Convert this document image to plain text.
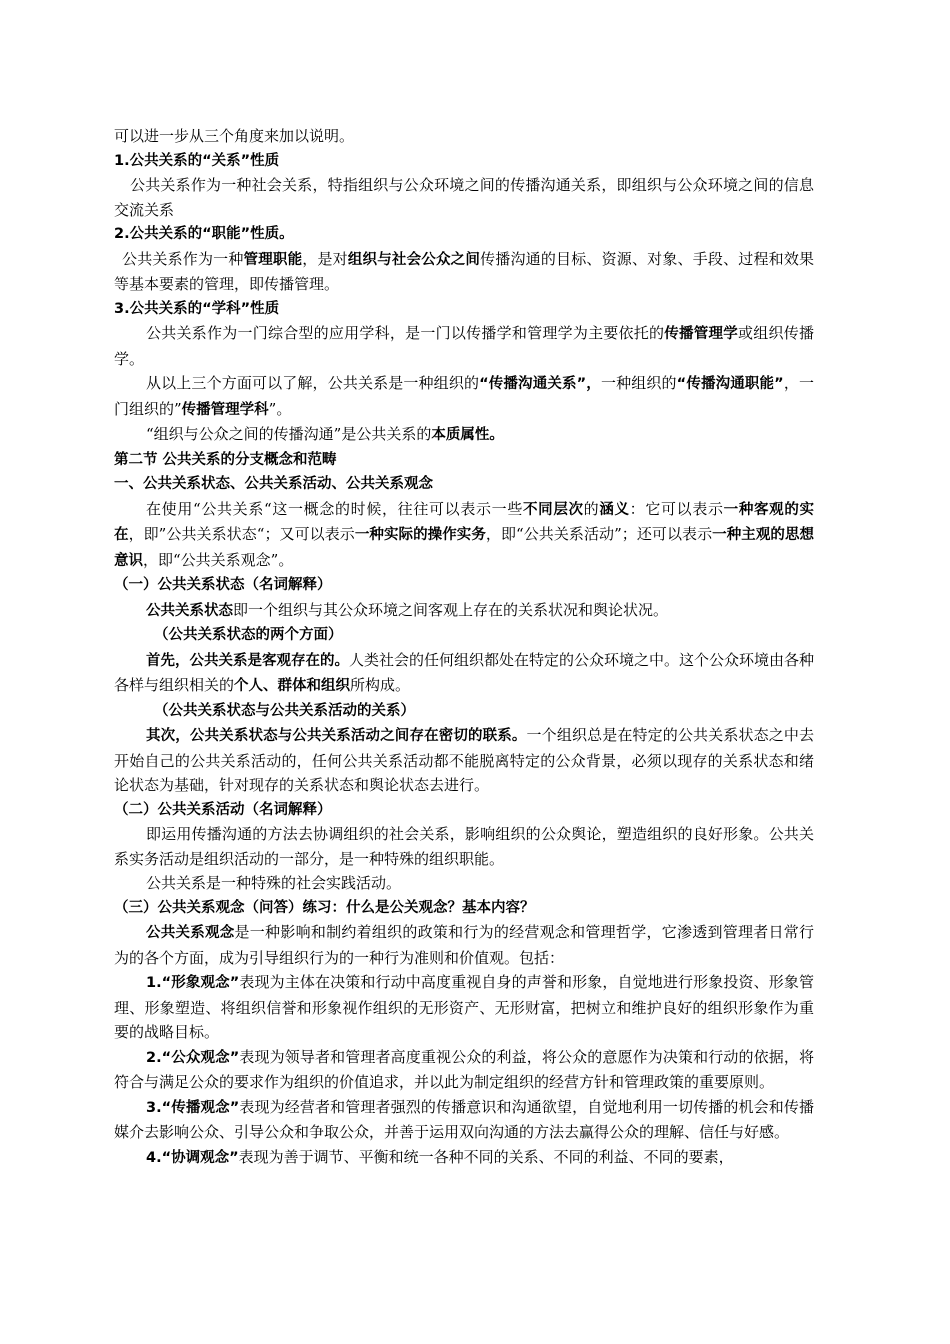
可以进一步从三个角度来加以说明。

1.公共关系的“关系”性质

公共关系作为一种社会关系，特指组织与公众环境之间的传播沟通关系，即组织与公众环境之间的信息交流关系

2.公共关系的“职能”性质。

公共关系作为一种管理职能，是对组织与社会公众之间传播沟通的目标、资源、对象、手段、过程和效果等基本要素的管理，即传播管理。

3.公共关系的“学科”性质

公共关系作为一门综合型的应用学科，是一门以传播学和管理学为主要依托的传播管理学或组织传播学。

从以上三个方面可以了解，公共关系是一种组织的“传播沟通关系”，一种组织的“传播沟通职能”，一门组织的”传播管理学科”。

“组织与公众之间的传播沟通”是公共关系的本质属性。

第二节 公共关系的分支概念和范畴

一、公共关系状态、公共关系活动、公共关系观念

在使用“公共关系“这一概念的时候，往往可以表示一些不同层次的涵义：它可以表示一种客观的实在，即”公共关系状态“；又可以表示一种实际的操作实务，即“公共关系活动”；还可以表示一种主观的思想意识，即“公共关系观念”。

（一）公共关系状态（名词解释）

公共关系状态即一个组织与其公众环境之间客观上存在的关系状况和舆论状况。

（公共关系状态的两个方面）

首先，公共关系是客观存在的。人类社会的任何组织都处在特定的公众环境之中。这个公众环境由各种各样与组织相关的个人、群体和组织所构成。

（公共关系状态与公共关系活动的关系）

其次，公共关系状态与公共关系活动之间存在密切的联系。一个组织总是在特定的公共关系状态之中去开始自己的公共关系活动的，任何公共关系活动都不能脱离特定的公众背景，必须以现存的关系状态和绪论状态为基础，针对现存的关系状态和舆论状态去进行。

（二）公共关系活动（名词解释）

即运用传播沟通的方法去协调组织的社会关系，影响组织的公众舆论，塑造组织的良好形象。公共关系实务活动是组织活动的一部分，是一种特殊的组织职能。

公共关系是一种特殊的社会实践活动。

（三）公共关系观念（问答）练习：什么是公关观念？基本内容？

公共关系观念是一种影响和制约着组织的政策和行为的经营观念和管理哲学，它渗透到管理者日常行为的各个方面，成为引导组织行为的一种行为准则和价值观。包括：

1.“形象观念”表现为主体在决策和行动中高度重视自身的声誉和形象，自觉地进行形象投资、形象管理、形象塑造、将组织信誉和形象视作组织的无形资产、无形财富，把树立和维护良好的组织形象作为重要的战略目标。

2.“公众观念”表现为领导者和管理者高度重视公众的利益，将公众的意愿作为决策和行动的依据，将符合与满足公众的要求作为组织的价值追求，并以此为制定组织的经营方针和管理政策的重要原则。

3.“传播观念”表现为经营者和管理者强烈的传播意识和沟通欲望，自觉地利用一切传播的机会和传播媒介去影响公众、引导公众和争取公众，并善于运用双向沟通的方法去赢得公众的理解、信任与好感。

4.“协调观念”表现为善于调节、平衡和统一各种不同的关系、不同的利益、不同的要素，
